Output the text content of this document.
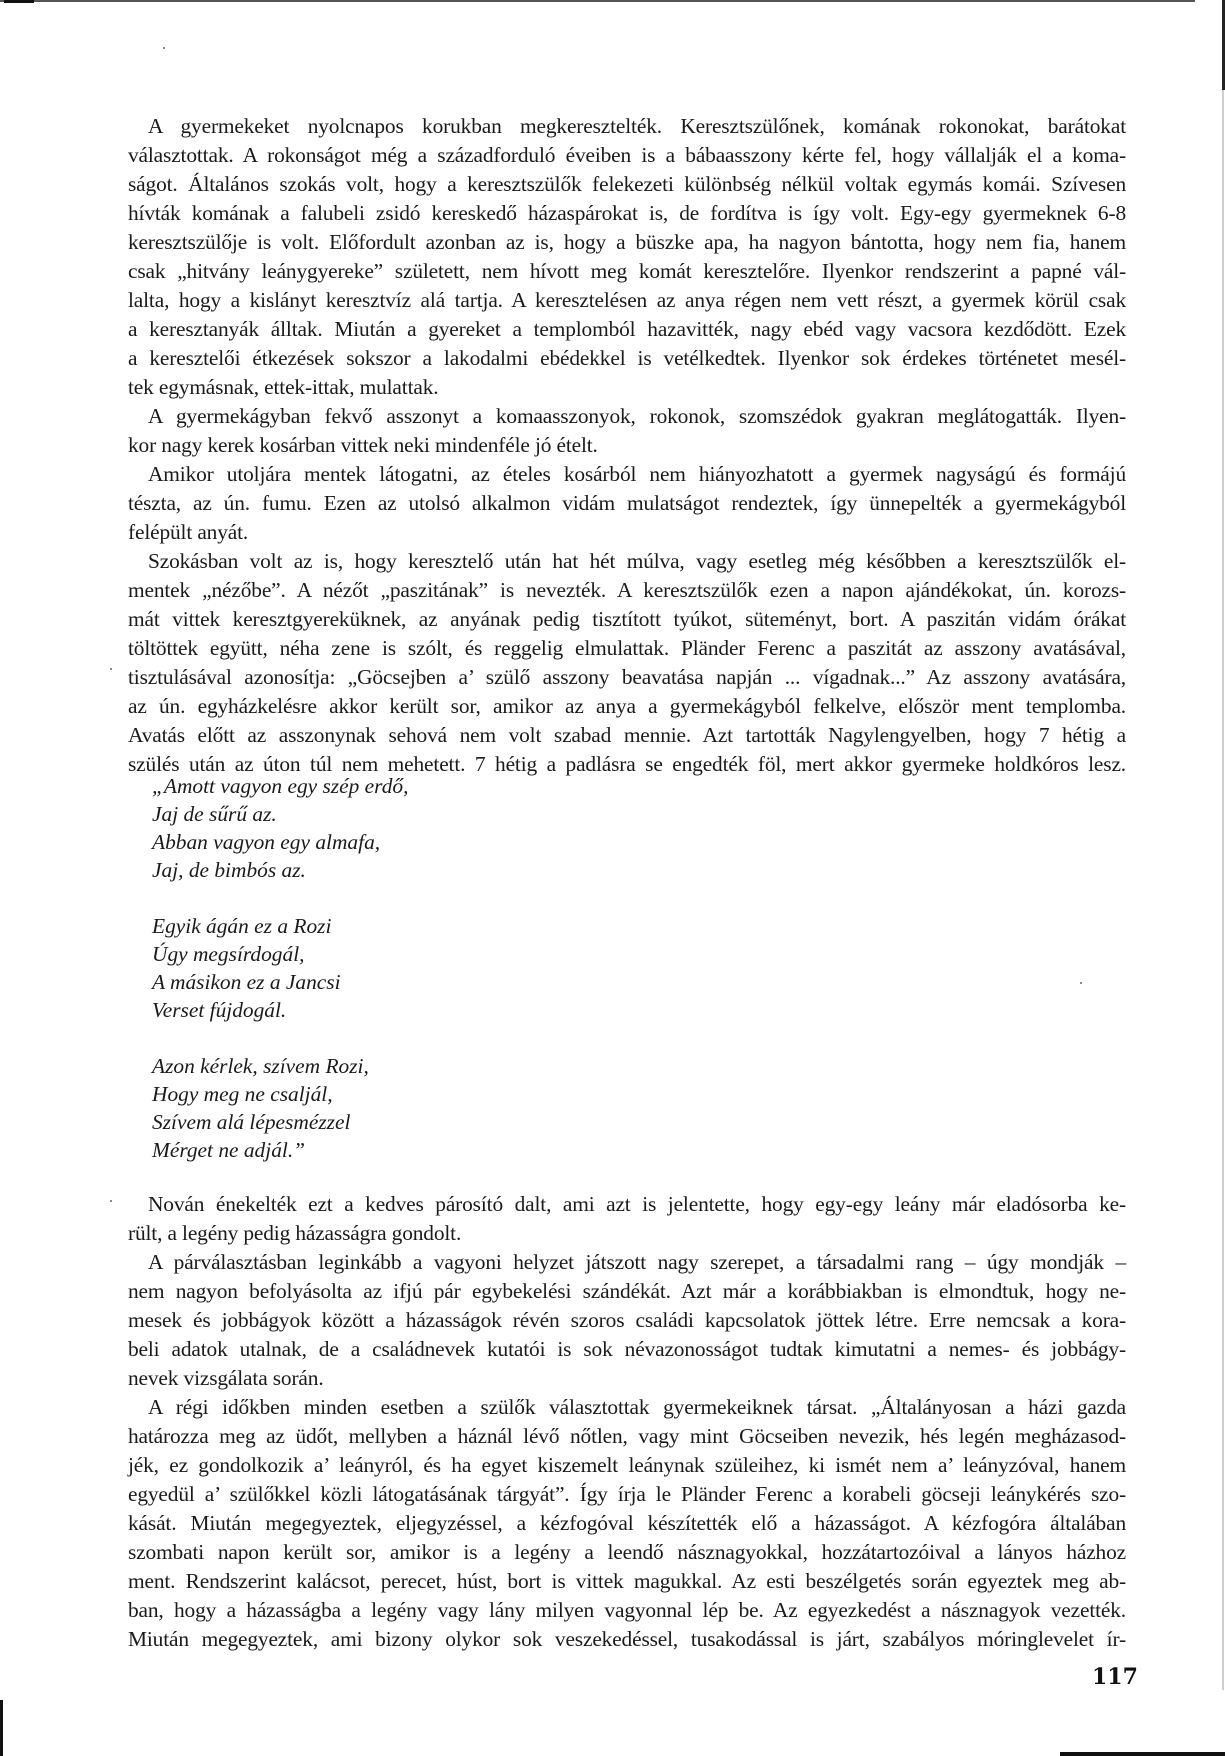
A gyermekeket nyolcnapos korukban megkeresztelték. Keresztszülőnek, komának rokonokat, barátokat
választottak. A rokonságot még a századforduló éveiben is a bábaasszony kérte fel, hogy vállalják el a koma-
ságot. Általános szokás volt, hogy a keresztszülők felekezeti különbség nélkül voltak egymás komái. Szívesen
hívták komának a falubeli zsidó kereskedő házaspárokat is, de fordítva is így volt. Egy-egy gyermeknek 6-8
keresztszülője is volt. Előfordult azonban az is, hogy a büszke apa, ha nagyon bántotta, hogy nem fia, hanem
csak „hitvány leánygyereke” született, nem hívott meg komát keresztelőre. Ilyenkor rendszerint a papné vál-
lalta, hogy a kislányt keresztvíz alá tartja. A keresztelésen az anya régen nem vett részt, a gyermek körül csak
a keresztanyák álltak. Miután a gyereket a templomból hazavitték, nagy ebéd vagy vacsora kezdődött. Ezek
a keresztelői étkezések sokszor a lakodalmi ebédekkel is vetélkedtek. Ilyenkor sok érdekes történetet mesél-
tek egymásnak, ettek-ittak, mulattak.
A gyermekágyban fekvő asszonyt a komaasszonyok, rokonok, szomszédok gyakran meglátogatták. Ilyen-
kor nagy kerek kosárban vittek neki mindenféle jó ételt.
Amikor utoljára mentek látogatni, az ételes kosárból nem hiányozhatott a gyermek nagyságú és formájú
tészta, az ún. fumu. Ezen az utolsó alkalmon vidám mulatságot rendeztek, így ünnepelték a gyermekágyból
felépült anyát.
Szokásban volt az is, hogy keresztelő után hat hét múlva, vagy esetleg még későbben a keresztszülők el-
mentek „nézőbe”. A nézőt „paszitának” is nevezték. A keresztszülők ezen a napon ajándékokat, ún. korozs-
mát vittek keresztgyereküknek, az anyának pedig tisztított tyúkot, süteményt, bort. A paszitán vidám órákat
töltöttek együtt, néha zene is szólt, és reggelig elmulattak. Pländer Ferenc a paszitát az asszony avatásával,
tisztulásával azonosítja: „Göcsejben a’ szülő asszony beavatása napján ... vígadnak...” Az asszony avatására,
az ún. egyházkelésre akkor került sor, amikor az anya a gyermekágyból felkelve, először ment templomba.
Avatás előtt az asszonynak sehová nem volt szabad mennie. Azt tartották Nagylengyelben, hogy 7 hétig a
szülés után az úton túl nem mehetett. 7 hétig a padlásra se engedték föl, mert akkor gyermeke holdkóros lesz.
„Amott vagyon egy szép erdő,
Jaj de sűrű az.
Abban vagyon egy almafa,
Jaj, de bimbós az.
Egyik ágán ez a Rozi
Úgy megsírdogál,
A másikon ez a Jancsi
Verset fújdogál.
Azon kérlek, szívem Rozi,
Hogy meg ne csaljál,
Szívem alá lépesmézzel
Mérget ne adjál.”
Nován énekelték ezt a kedves párosító dalt, ami azt is jelentette, hogy egy-egy leány már eladósorba ke-
rült, a legény pedig házasságra gondolt.
A párválasztásban leginkább a vagyoni helyzet játszott nagy szerepet, a társadalmi rang – úgy mondják –
nem nagyon befolyásolta az ifjú pár egybekelési szándékát. Azt már a korábbiakban is elmondtuk, hogy ne-
mesek és jobbágyok között a házasságok révén szoros családi kapcsolatok jöttek létre. Erre nemcsak a kora-
beli adatok utalnak, de a családnevek kutatói is sok névazonosságot tudtak kimutatni a nemes- és jobbágy-
nevek vizsgálata során.
A régi időkben minden esetben a szülők választottak gyermekeiknek társat. „Általányosan a házi gazda
határozza meg az üdőt, mellyben a háznál lévő nőtlen, vagy mint Göcseiben nevezik, hés legén megházasod-
jék, ez gondolkozik a’ leányról, és ha egyet kiszemelt leánynak szüleihez, ki ismét nem a’ leányzóval, hanem
egyedül a’ szülőkkel közli látogatásának tárgyát”. Így írja le Pländer Ferenc a korabeli göcseji leánykérés szo-
kását. Miután megegyeztek, eljegyzéssel, a kézfogóval készítették elő a házasságot. A kézfogóra általában
szombati napon került sor, amikor is a legény a leendő násznagyokkal, hozzátartozóival a lányos házhoz
ment. Rendszerint kalácsot, perecet, húst, bort is vittek magukkal. Az esti beszélgetés során egyeztek meg ab-
ban, hogy a házasságba a legény vagy lány milyen vagyonnal lép be. Az egyezkedést a násznagyok vezették.
Miután megegyeztek, ami bizony olykor sok veszekedéssel, tusakodással is járt, szabályos móringlevelet ír-
117
